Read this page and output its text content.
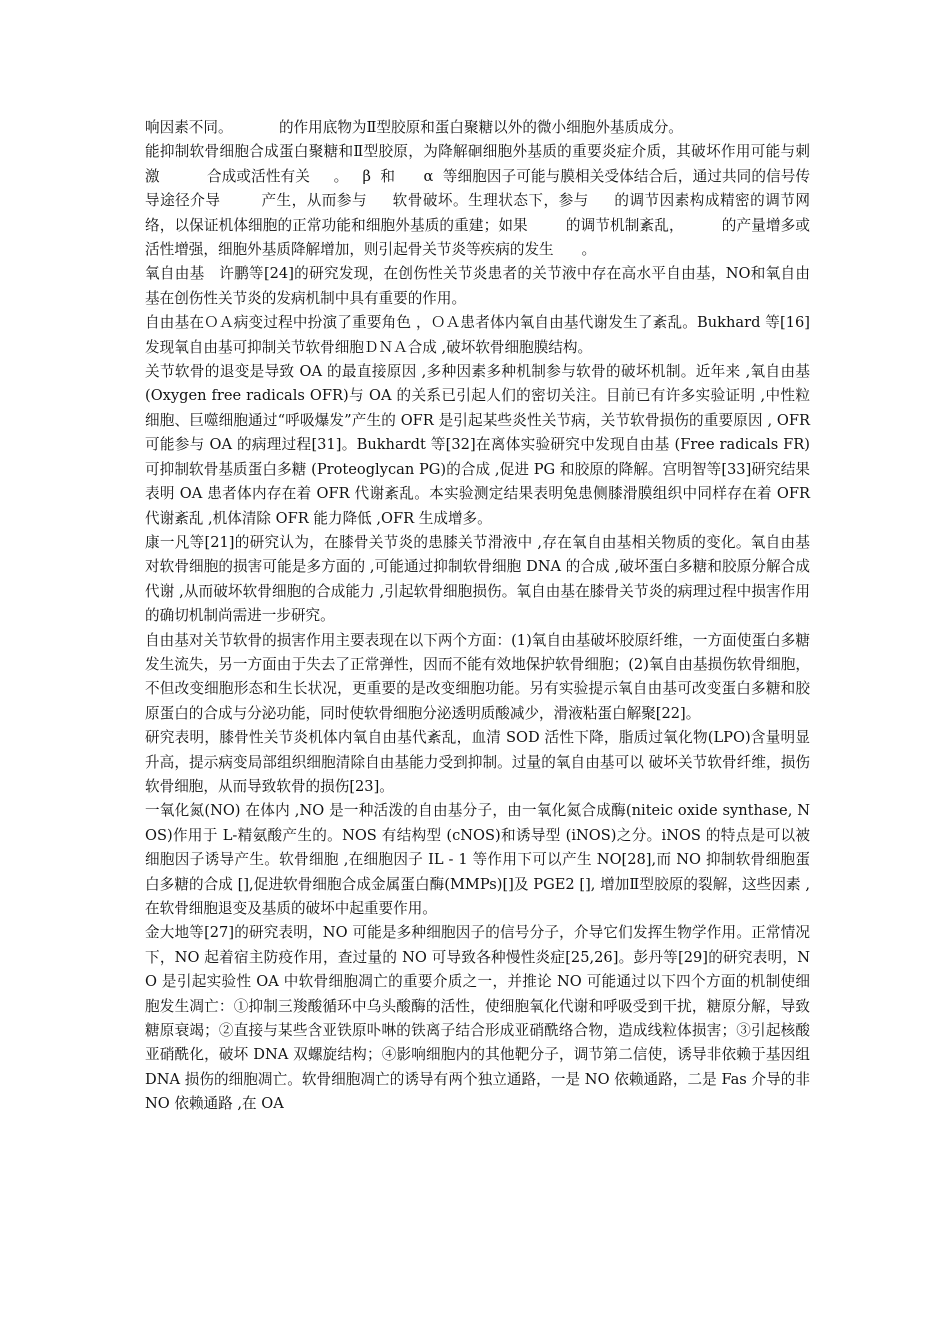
响因素不同。          的作用底物为Ⅱ型胶原和蛋白聚糖以外的微小细胞外基质成分。

能抑制软骨细胞合成蛋白聚糖和Ⅱ型胶原，为降解硘细胞外基质的重要炎症介质，其破坏作用可能与刺激          合成或活性有关     。   β  和      α  等细胞因子可能与膜相关受体结合后，通过共同的信号传导途径介导        产生，从而参与     软骨破坏。生理状态下，参与     的调节因素构成精密的调节网络，以保证机体细胞的正常功能和细胞外基质的重建；如果        的调节机制紊乱，        的产量增多或活性增强，细胞外基质降解增加，则引起骨关节炎等疾病的发生      。

氧自由基   许鹏等[24]的研究发现，在创伤性关节炎患者的关节液中存在高水平自由基，NO和氧自由基在创伤性关节炎的发病机制中具有重要的作用。

自由基在ＯＡ病变过程中扮演了重要角色 ，ＯＡ患者体内氧自由基代谢发生了紊乱。Bukhard 等[16]发现氧自由基可抑制关节软骨细胞ＤＮＡ合成 ,破坏软骨细胞膜结构。

关节软骨的退变是导致 OA 的最直接原因 ,多种因素多种机制参与软骨的破坏机制。近年来 ,氧自由基 (Oxygen free radicals OFR)与 OA 的关系已引起人们的密切关注。目前已有许多实验证明 ,中性粒细胞、巨噬细胞通过“呼吸爆发”产生的 OFR 是引起某些炎性关节病，关节软骨损伤的重要原因 , OFR 可能参与 OA 的病理过程[31]。Bukhardt 等[32]在离体实验研究中发现自由基 (Free radicals FR)可抑制软骨基质蛋白多糖 (Proteoglycan PG)的合成 ,促进 PG 和胶原的降解。宫明智等[33]研究结果表明 OA 患者体内存在着 OFR 代谢紊乱。本实验测定结果表明兔患侧膝滑膜组织中同样存在着 OFR 代谢紊乱 ,机体清除 OFR 能力降低 ,OFR 生成增多。

康一凡等[21]的研究认为，在膝骨关节炎的患膝关节滑液中 ,存在氧自由基相关物质的变化。氧自由基对软骨细胞的损害可能是多方面的 ,可能通过抑制软骨细胞 DNA 的合成 ,破坏蛋白多糖和胶原分解合成代谢 ,从而破坏软骨细胞的合成能力 ,引起软骨细胞损伤。氧自由基在膝骨关节炎的病理过程中损害作用的确切机制尚需进一步研究。

自由基对关节软骨的损害作用主要表现在以下两个方面：(1)氧自由基破坏胶原纤维，一方面使蛋白多糖发生流失，另一方面由于失去了正常弹性，因而不能有效地保护软骨细胞；(2)氧自由基损伤软骨细胞，不但改变细胞形态和生长状况，更重要的是改变细胞功能。另有实验提示氧自由基可改变蛋白多糖和胶原蛋白的合成与分泌功能，同时使软骨细胞分泌透明质酸减少，滑液粘蛋白解聚[22]。

研究表明，膝骨性关节炎机体内氧自由基代紊乱，血清 SOD 活性下降，脂质过氧化物(LPO)含量明显升高，提示病变局部组织细胞清除自由基能力受到抑制。过量的氧自由基可以 破坏关节软骨纤维，损伤软骨细胞，从而导致软骨的损伤[23]。

一氧化氮(NO) 在体内 ,NO 是一种活泼的自由基分子，由一氧化氮合成酶(niteic oxide synthase, NOS)作用于 L-精氨酸产生的。NOS 有结构型 (cNOS)和诱导型 (iNOS)之分。iNOS 的特点是可以被细胞因子诱导产生。软骨细胞 ,在细胞因子 IL - 1 等作用下可以产生 NO[28],而 NO 抑制软骨细胞蛋白多糖的合成 [],促进软骨细胞合成金属蛋白酶(MMPs)[]及 PGE2 [], 增加Ⅱ型胶原的裂解，这些因素 ,在软骨细胞退变及基质的破坏中起重要作用。

金大地等[27]的研究表明，NO 可能是多种细胞因子的信号分子，介导它们发挥生物学作用。正常情况下，NO 起着宿主防疫作用，查过量的 NO 可导致各种慢性炎症[25,26]。彭丹等[29]的研究表明，NO 是引起实验性 OA 中软骨细胞凋亡的重要介质之一，并推论 NO 可能通过以下四个方面的机制使细胞发生凋亡：①抑制三羧酸循环中乌头酸酶的活性，使细胞氧化代谢和呼吸受到干扰，糖原分解，导致糖原衰竭；②直接与某些含亚铁原卟啉的铁离子结合形成亚硝酰络合物，造成线粒体损害；③引起核酸亚硝酰化，破坏 DNA 双螺旋结构；④影响细胞内的其他靶分子，调节第二信使，诱导非依赖于基因组 DNA 损伤的细胞凋亡。软骨细胞凋亡的诱导有两个独立通路，一是 NO 依赖通路，二是 Fas 介导的非 NO 依赖通路 ,在 OA
